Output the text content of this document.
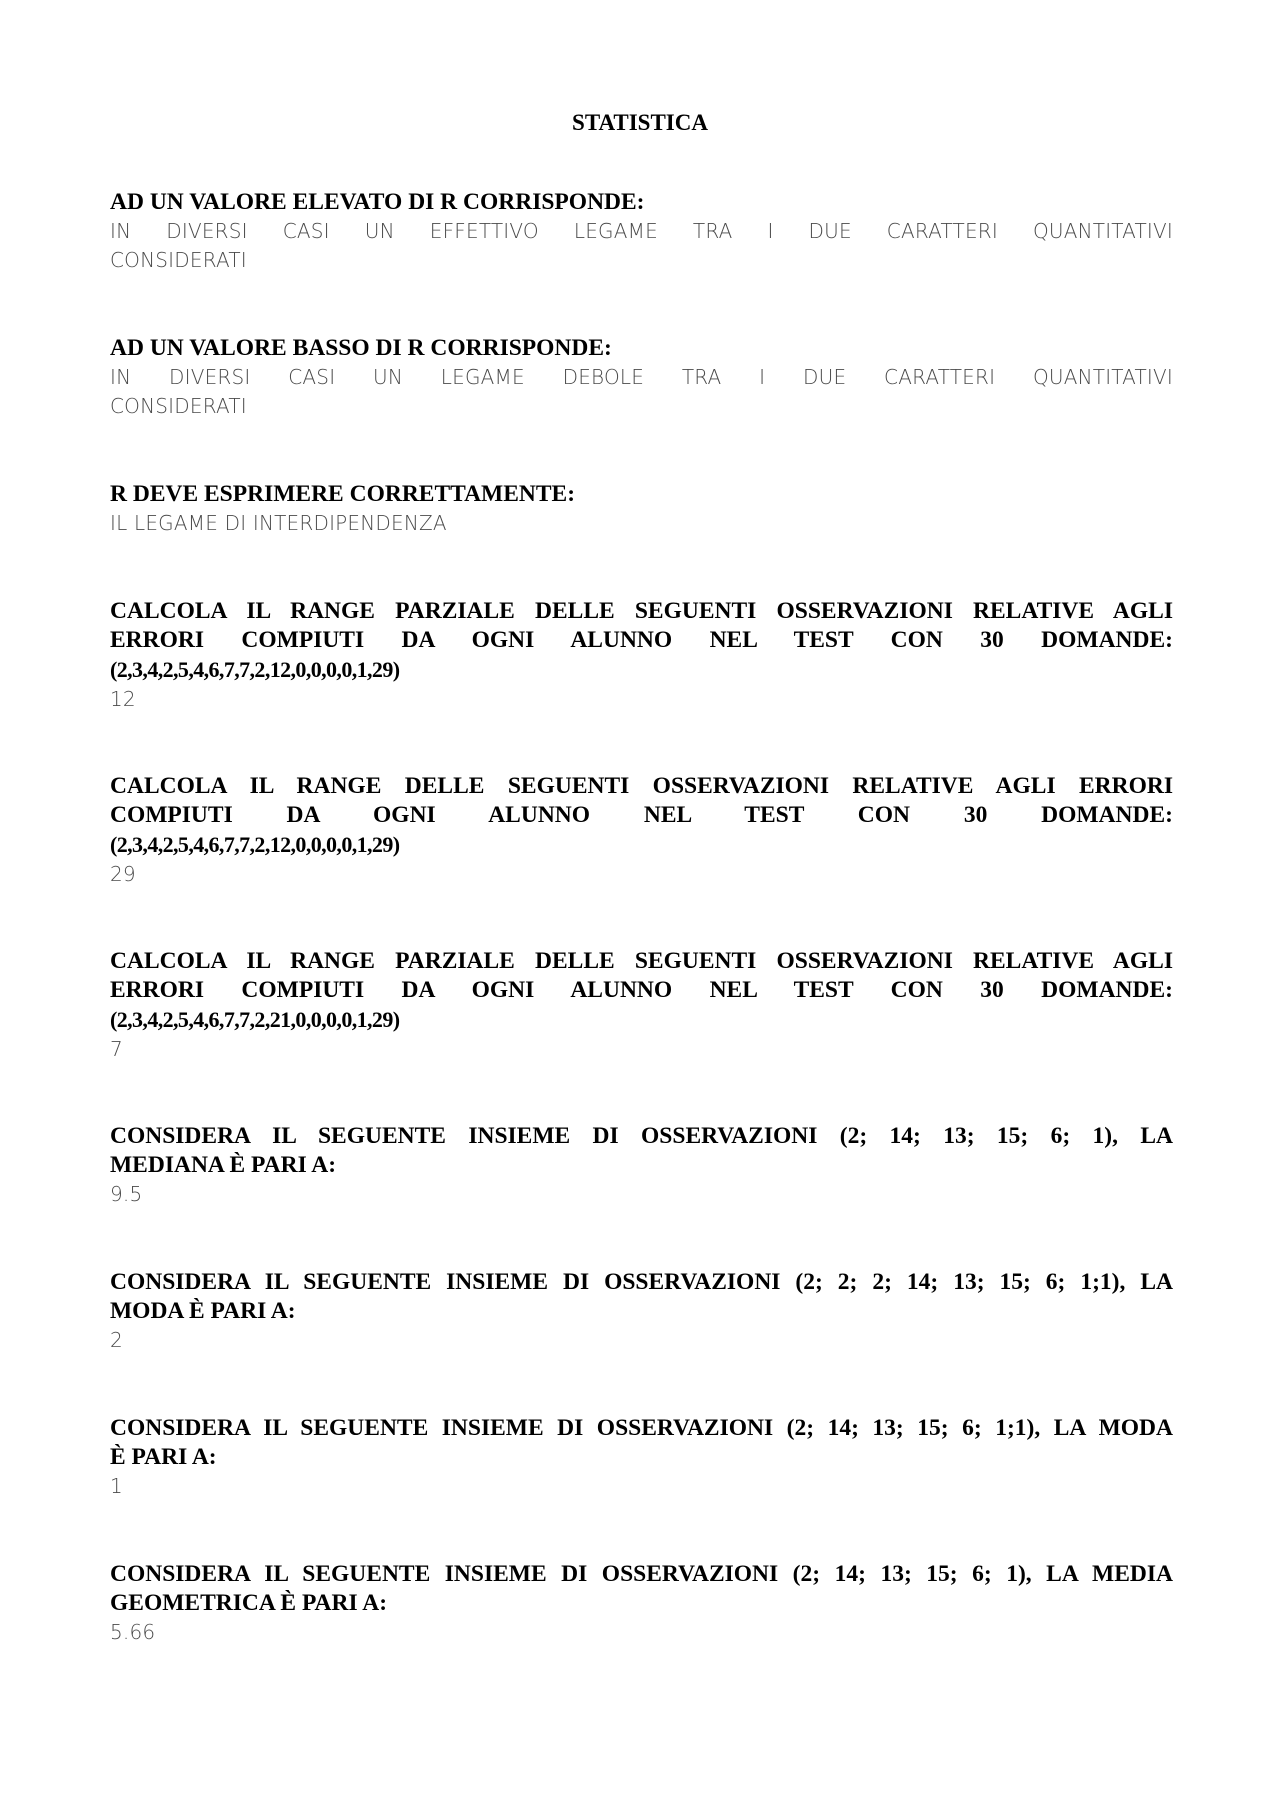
STATISTICA

AD UN VALORE ELEVATO DI R CORRISPONDE:

IN DIVERSI CASI UN EFFETTIVO LEGAME TRA I DUE CARATTERI QUANTITATIVI
CONSIDERATI

AD UN VALORE BASSO DI R CORRISPONDE:

IN DIVERSI CASI UN LEGAME DEBOLE TRA I DUE CARATTERI QUANTITATIVI
CONSIDERATI

R DEVE ESPRIMERE CORRETTAMENTE:

IL LEGAME DI INTERDIPENDENZA

CALCOLA IL RANGE PARZIALE DELLE SEGUENTI OSSERVAZIONI RELATIVE AGLI
ERRORI COMPIUTI DA OGNI ALUNNO NEL TEST CON 30 DOMANDE:
(2,3,4,2,5,4,6,7,7,2,12,0,0,0,0,1,29)

12

CALCOLA IL RANGE DELLE SEGUENTI OSSERVAZIONI RELATIVE AGLI ERRORI
COMPIUTI DA OGNI ALUNNO NEL TEST CON 30 DOMANDE:
(2,3,4,2,5,4,6,7,7,2,12,0,0,0,0,1,29)

29

CALCOLA IL RANGE PARZIALE DELLE SEGUENTI OSSERVAZIONI RELATIVE AGLI
ERRORI COMPIUTI DA OGNI ALUNNO NEL TEST CON 30 DOMANDE:
(2,3,4,2,5,4,6,7,7,2,21,0,0,0,0,1,29)

7

CONSIDERA IL SEGUENTE INSIEME DI OSSERVAZIONI (2; 14; 13; 15; 6; 1), LA
MEDIANA È PARI A:

9.5

CONSIDERA IL SEGUENTE INSIEME DI OSSERVAZIONI (2; 2; 2; 14; 13; 15; 6; 1;1), LA
MODA È PARI A:

2

CONSIDERA IL SEGUENTE INSIEME DI OSSERVAZIONI (2; 14; 13; 15; 6; 1;1), LA MODA
È PARI A:

1

CONSIDERA IL SEGUENTE INSIEME DI OSSERVAZIONI (2; 14; 13; 15; 6; 1), LA MEDIA
GEOMETRICA È PARI A:

5.66
